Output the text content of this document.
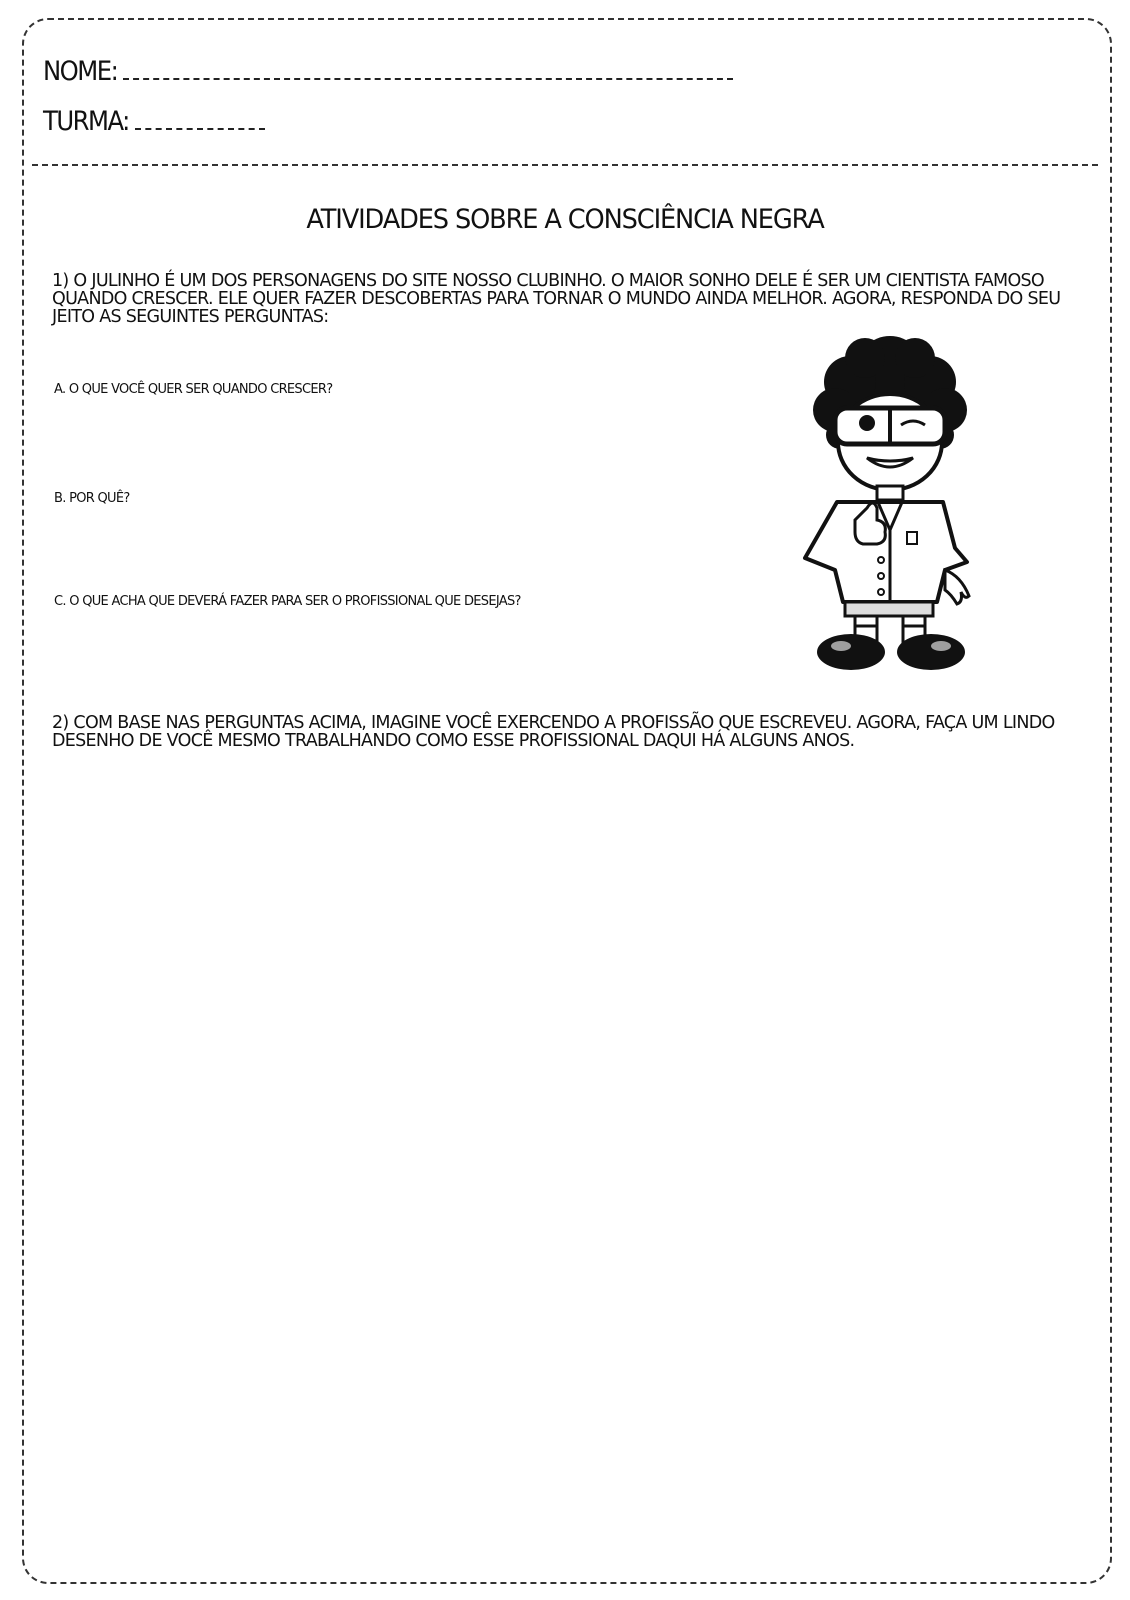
NOME:
TURMA:
ATIVIDADES SOBRE A CONSCIÊNCIA NEGRA
1) O JULINHO É UM DOS PERSONAGENS DO SITE NOSSO CLUBINHO. O MAIOR SONHO DELE É SER UM CIENTISTA FAMOSO QUANDO CRESCER. ELE QUER FAZER DESCOBERTAS PARA TORNAR O MUNDO AINDA MELHOR. AGORA, RESPONDA DO SEU JEITO AS SEGUINTES PERGUNTAS:
A. O QUE VOCÊ QUER SER QUANDO CRESCER?
B. POR QUÊ?
C. O QUE ACHA QUE DEVERÁ FAZER PARA SER O PROFISSIONAL QUE DESEJAS?
2) COM BASE NAS PERGUNTAS ACIMA, IMAGINE VOCÊ EXERCENDO A PROFISSÃO QUE ESCREVEU. AGORA, FAÇA UM LINDO DESENHO DE VOCÊ MESMO TRABALHANDO COMO ESSE PROFISSIONAL DAQUI HÁ ALGUNS ANOS.
